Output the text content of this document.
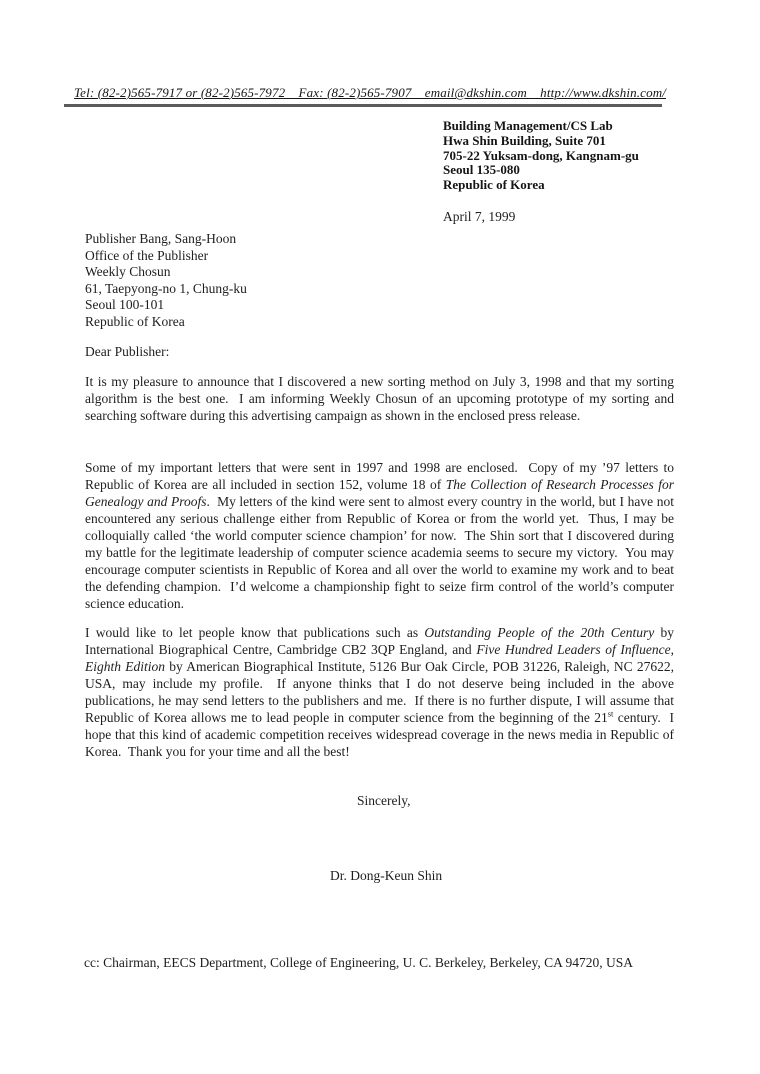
Tel: (82-2)565-7917 or (82-2)565-7972  Fax: (82-2)565-7907  email@dkshin.com  http://www.dkshin.com/
Building Management/CS Lab
Hwa Shin Building, Suite 701
705-22 Yuksam-dong, Kangnam-gu
Seoul 135-080
Republic of Korea
April 7, 1999
Publisher Bang, Sang-Hoon
Office of the Publisher
Weekly Chosun
61, Taepyong-no 1, Chung-ku
Seoul 100-101
Republic of Korea
Dear Publisher:
It is my pleasure to announce that I discovered a new sorting method on July 3, 1998 and that my sorting algorithm is the best one.  I am informing Weekly Chosun of an upcoming prototype of my sorting and searching software during this advertising campaign as shown in the enclosed press release.
Some of my important letters that were sent in 1997 and 1998 are enclosed.  Copy of my ’97 letters to Republic of Korea are all included in section 152, volume 18 of The Collection of Research Processes for Genealogy and Proofs.  My letters of the kind were sent to almost every country in the world, but I have not encountered any serious challenge either from Republic of Korea or from the world yet.  Thus, I may be colloquially called ‘the world computer science champion’ for now.  The Shin sort that I discovered during my battle for the legitimate leadership of computer science academia seems to secure my victory.  You may encourage computer scientists in Republic of Korea and all over the world to examine my work and to beat the defending champion.  I’d welcome a championship fight to seize firm control of the world’s computer science education.
I would like to let people know that publications such as Outstanding People of the 20th Century by International Biographical Centre, Cambridge CB2 3QP England, and Five Hundred Leaders of Influence, Eighth Edition by American Biographical Institute, 5126 Bur Oak Circle, POB 31226, Raleigh, NC 27622, USA, may include my profile.  If anyone thinks that I do not deserve being included in the above publications, he may send letters to the publishers and me.  If there is no further dispute, I will assume that Republic of Korea allows me to lead people in computer science from the beginning of the 21st century.  I hope that this kind of academic competition receives widespread coverage in the news media in Republic of Korea.  Thank you for your time and all the best!
Sincerely,
Dr. Dong-Keun Shin
cc: Chairman, EECS Department, College of Engineering, U. C. Berkeley, Berkeley, CA 94720, USA
